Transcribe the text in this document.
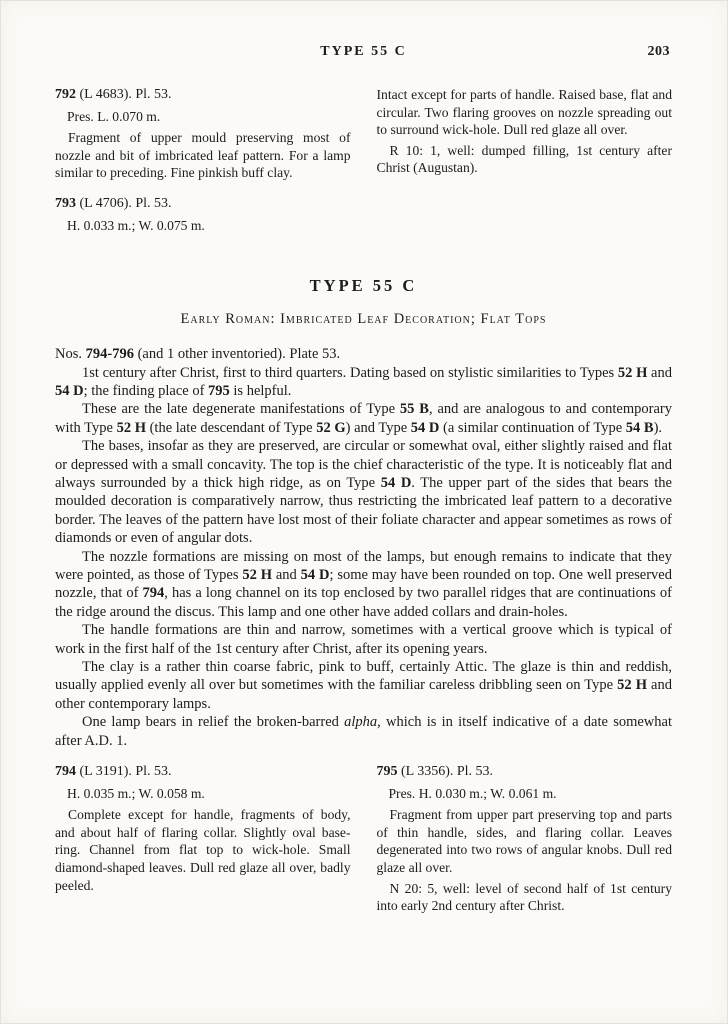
TYPE 55 C	203

792 (L 4683). Pl. 53.

Pres. L. 0.070 m.

Fragment of upper mould preserving most of nozzle and bit of imbricated leaf pattern. For a lamp similar to preceding. Fine pinkish buff clay.

793 (L 4706). Pl. 53.

H. 0.033 m.; W. 0.075 m.

Intact except for parts of handle. Raised base, flat and circular. Two flaring grooves on nozzle spreading out to surround wick-hole. Dull red glaze all over.

R 10: 1, well: dumped filling, 1st century after Christ (Augustan).

TYPE 55 C
Early Roman: Imbricated Leaf Decoration; Flat Tops

Nos. 794-796 (and 1 other inventoried). Plate 53.

1st century after Christ, first to third quarters. Dating based on stylistic similarities to Types 52 H and 54 D; the finding place of 795 is helpful.

These are the late degenerate manifestations of Type 55 B, and are analogous to and contemporary with Type 52 H (the late descendant of Type 52 G) and Type 54 D (a similar continuation of Type 54 B).

The bases, insofar as they are preserved, are circular or somewhat oval, either slightly raised and flat or depressed with a small concavity. The top is the chief characteristic of the type. It is noticeably flat and always surrounded by a thick high ridge, as on Type 54 D. The upper part of the sides that bears the moulded decoration is comparatively narrow, thus restricting the imbricated leaf pattern to a decorative border. The leaves of the pattern have lost most of their foliate character and appear sometimes as rows of diamonds or even of angular dots.

The nozzle formations are missing on most of the lamps, but enough remains to indicate that they were pointed, as those of Types 52 H and 54 D; some may have been rounded on top. One well preserved nozzle, that of 794, has a long channel on its top enclosed by two parallel ridges that are continuations of the ridge around the discus. This lamp and one other have added collars and drain-holes.

The handle formations are thin and narrow, sometimes with a vertical groove which is typical of work in the first half of the 1st century after Christ, after its opening years.

The clay is a rather thin coarse fabric, pink to buff, certainly Attic. The glaze is thin and reddish, usually applied evenly all over but sometimes with the familiar careless dribbling seen on Type 52 H and other contemporary lamps.

One lamp bears in relief the broken-barred alpha, which is in itself indicative of a date somewhat after A.D. 1.

794 (L 3191). Pl. 53.

H. 0.035 m.; W. 0.058 m.

Complete except for handle, fragments of body, and about half of flaring collar. Slightly oval base-ring. Channel from flat top to wick-hole. Small diamond-shaped leaves. Dull red glaze all over, badly peeled.

795 (L 3356). Pl. 53.

Pres. H. 0.030 m.; W. 0.061 m.

Fragment from upper part preserving top and parts of thin handle, sides, and flaring collar. Leaves degenerated into two rows of angular knobs. Dull red glaze all over.

N 20: 5, well: level of second half of 1st century into early 2nd century after Christ.
